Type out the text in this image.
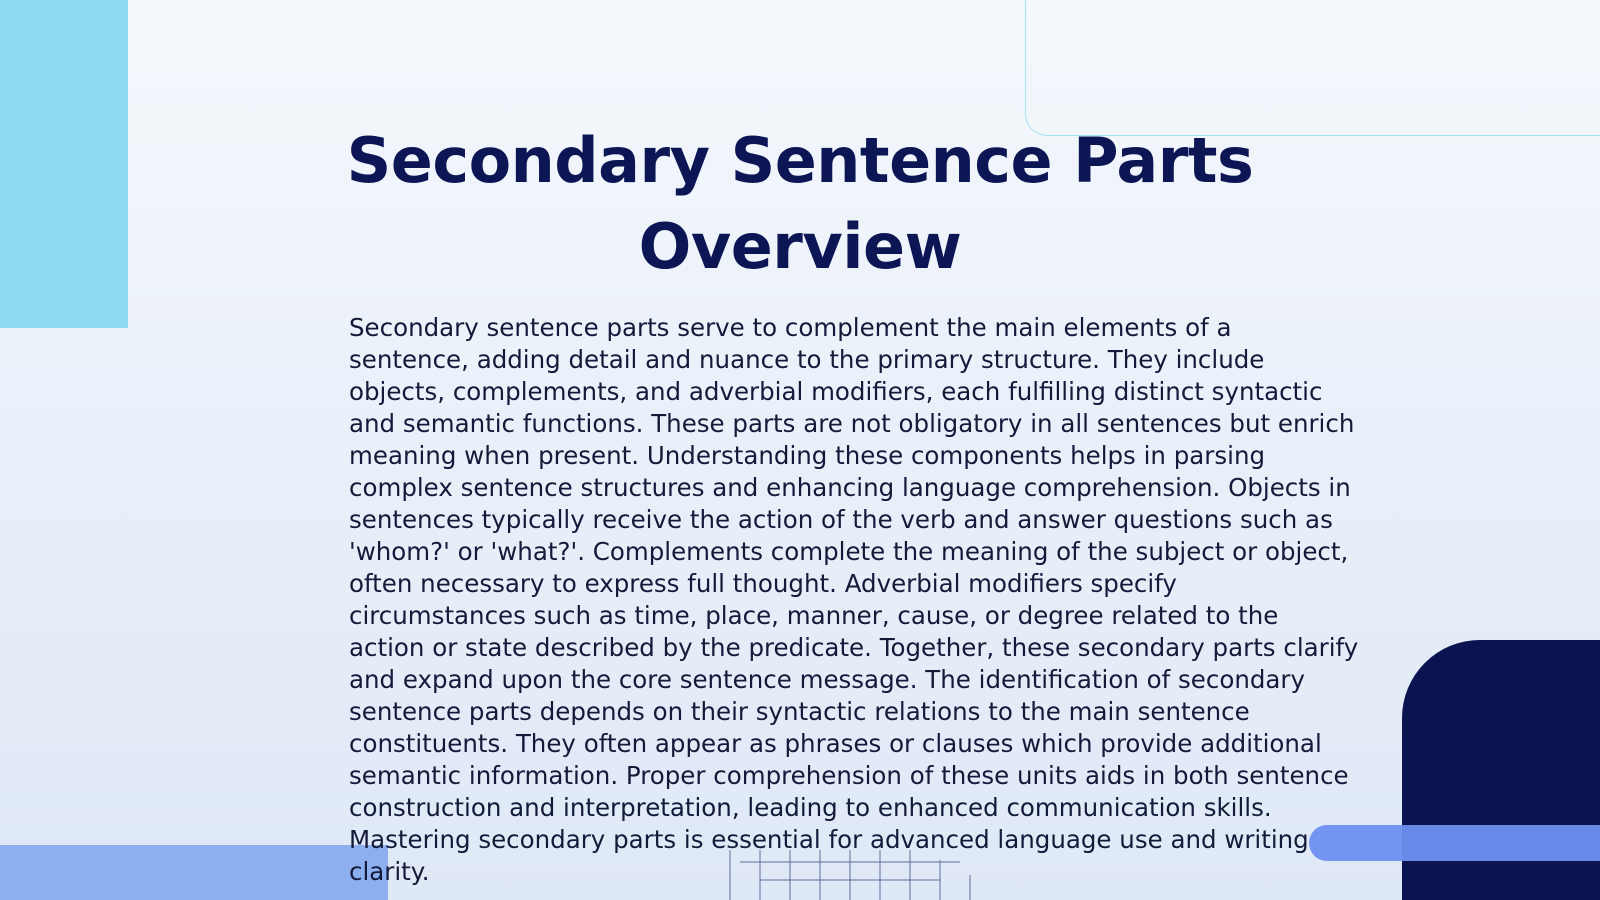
Secondary Sentence Parts Overview

Secondary sentence parts serve to complement the main elements of a sentence, adding detail and nuance to the primary structure. They include objects, complements, and adverbial modifiers, each fulfilling distinct syntactic and semantic functions. These parts are not obligatory in all sentences but enrich meaning when present. Understanding these components helps in parsing complex sentence structures and enhancing language comprehension. Objects in sentences typically receive the action of the verb and answer questions such as 'whom?' or 'what?'. Complements complete the meaning of the subject or object, often necessary to express full thought. Adverbial modifiers specify circumstances such as time, place, manner, cause, or degree related to the action or state described by the predicate. Together, these secondary parts clarify and expand upon the core sentence message. The identification of secondary sentence parts depends on their syntactic relations to the main sentence constituents. They often appear as phrases or clauses which provide additional semantic information. Proper comprehension of these units aids in both sentence construction and interpretation, leading to enhanced communication skills. Mastering secondary parts is essential for advanced language use and writing clarity.
